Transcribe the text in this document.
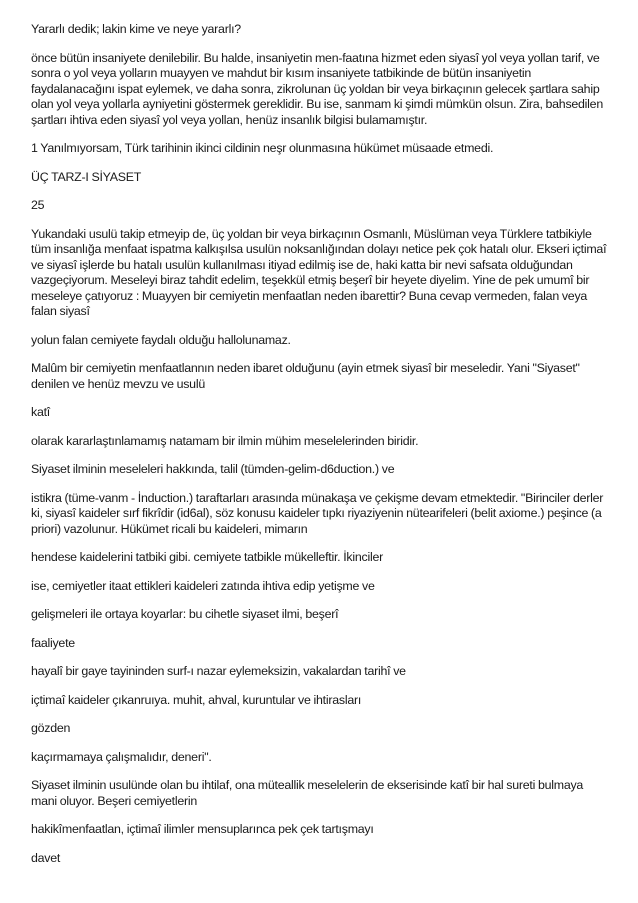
Yararlı dedik; lakin kime ve neye yararlı?

önce bütün insaniyete denilebilir. Bu halde, insaniyetin men-faatına hizmet eden siyasî yol veya yollan tarif, ve sonra o yol veya yolların muayyen ve mahdut bir kısım insaniyete tatbikinde de bütün insaniyetin faydalanacağını ispat eylemek, ve daha sonra, zikrolunan üç yoldan bir veya birkaçının gelecek şartlara sahip olan yol veya yollarla ayniyetini göstermek gereklidir. Bu ise, sanmam ki şimdi mümkün olsun. Zira, bahsedilen şartları ihtiva eden siyasî yol veya yollan, henüz insanlık bilgisi bulamamıştır.

1 Yanılmıyorsam, Türk tarihinin ikinci cildinin neşr olunmasına hükümet müsaade etmedi.

ÜÇ TARZ-I SİYASET

25

Yukandaki usulü takip etmeyip de, üç yoldan bir veya birkaçının Osmanlı, Müslüman veya Türklere tatbikiyle tüm insanlığa menfaat ispatma kalkışılsa usulün noksanlığından dolayı netice pek çok hatalı olur. Ekseri içtimaî ve siyasî işlerde bu hatalı usulün kullanılması itiyad edilmiş ise de, haki katta bir nevi safsata olduğundan vazgeçiyorum. Meseleyi biraz tahdit edelim, teşekkül etmiş beşerî bir heyete diyelim. Yine de pek umumî bir meseleye çatıyoruz : Muayyen bir cemiyetin menfaatlan neden ibarettir? Buna cevap vermeden, falan veya falan siyasî

yolun falan cemiyete faydalı olduğu hallolunamaz.

Malûm bir cemiyetin menfaatlannın neden ibaret olduğunu (ayin etmek siyasî bir meseledir. Yani "Siyaset" denilen ve henüz mevzu ve usulü

katî

olarak kararlaştınlamamış natamam bir ilmin mühim meselelerinden biridir.

Siyaset ilminin meseleleri hakkında, talil (tümden-gelim-d6duction.) ve

istikra (tüme-vanm - İnduction.) taraftarları arasında münakaşa ve çekişme devam etmektedir. "Birinciler derler ki, siyasî kaideler sırf fikrîdir (id6al), söz konusu kaideler tıpkı riyaziyenin nütearifeleri (belit axiome.) peşince (a priori) vazolunur. Hükümet ricali bu kaideleri, mimarın

hendese kaidelerini tatbiki gibi. cemiyete tatbikle mükelleftir. İkinciler

ise, cemiyetler itaat ettikleri kaideleri zatında ihtiva edip yetişme ve

gelişmeleri ile ortaya koyarlar: bu cihetle siyaset ilmi, beşerî

faaliyete

hayalî bir gaye tayininden surf-ı nazar eylemeksizin, vakalardan tarihî ve

içtimaî kaideler çıkanruıya. muhit, ahval, kuruntular ve ihtirasları

gözden

kaçırmamaya çalışmalıdır, deneri".

Siyaset ilminin usulünde olan bu ihtilaf, ona müteallik meselelerin de ekserisinde katî bir hal sureti bulmaya mani oluyor. Beşeri cemiyetlerin

hakikîmenfaatlan, içtimaî ilimler mensuplarınca pek çek tartışmayı

davet
